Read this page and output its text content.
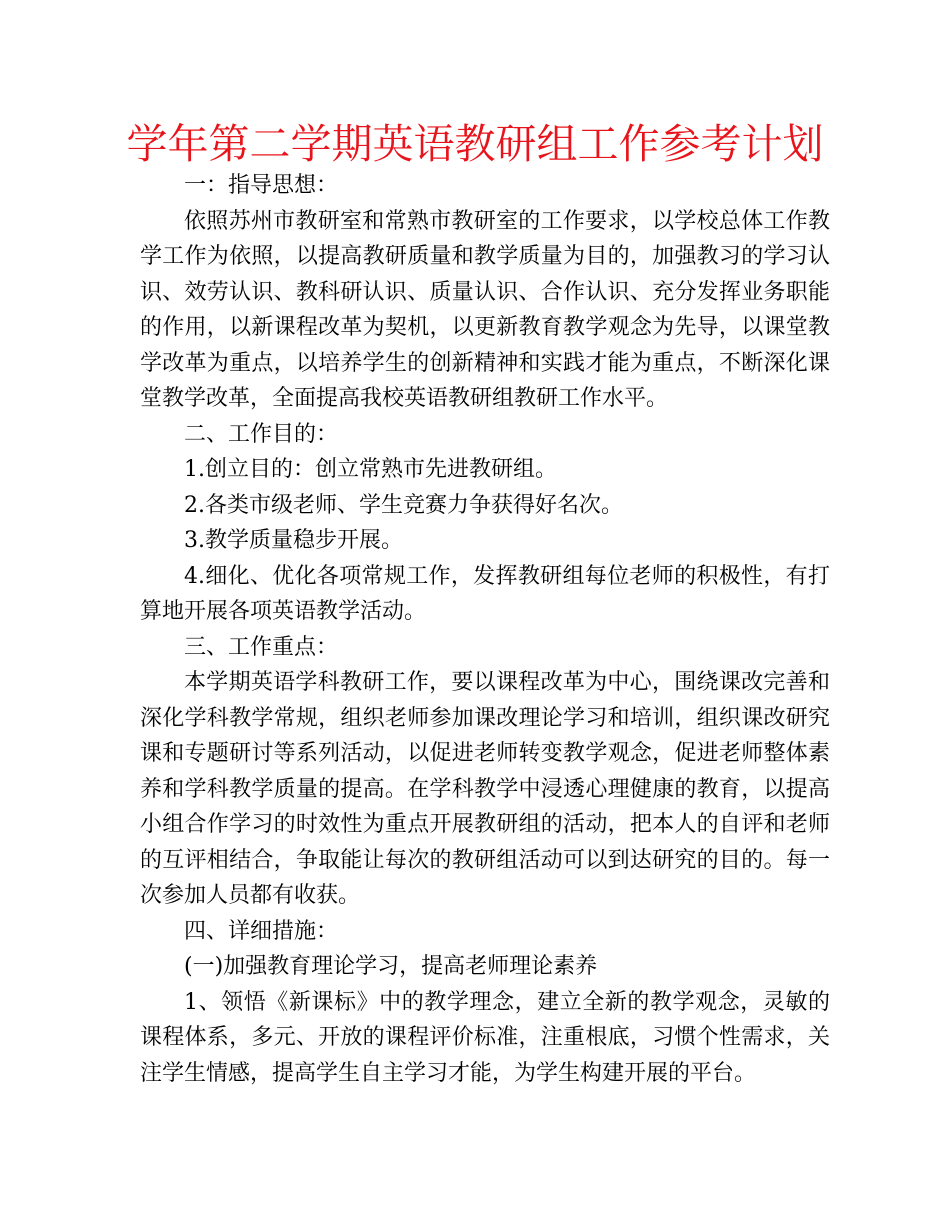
学年第二学期英语教研组工作参考计划

一：指导思想：

依照苏州市教研室和常熟市教研室的工作要求，以学校总体工作教学工作为依照，以提高教研质量和教学质量为目的，加强教习的学习认识、效劳认识、教科研认识、质量认识、合作认识、充分发挥业务职能的作用，以新课程改革为契机，以更新教育教学观念为先导，以课堂教学改革为重点，以培养学生的创新精神和实践才能为重点，不断深化课堂教学改革，全面提高我校英语教研组教研工作水平。

二、工作目的：

1.创立目的：创立常熟市先进教研组。

2.各类市级老师、学生竞赛力争获得好名次。

3.教学质量稳步开展。

4.细化、优化各项常规工作，发挥教研组每位老师的积极性，有打算地开展各项英语教学活动。

三、工作重点：

本学期英语学科教研工作，要以课程改革为中心，围绕课改完善和深化学科教学常规，组织老师参加课改理论学习和培训，组织课改研究课和专题研讨等系列活动，以促进老师转变教学观念，促进老师整体素养和学科教学质量的提高。在学科教学中浸透心理健康的教育，以提高小组合作学习的时效性为重点开展教研组的活动，把本人的自评和老师的互评相结合，争取能让每次的教研组活动可以到达研究的目的。每一次参加人员都有收获。

四、详细措施：

(一)加强教育理论学习，提高老师理论素养

1、领悟《新课标》中的教学理念，建立全新的教学观念，灵敏的课程体系，多元、开放的课程评价标准，注重根底，习惯个性需求，关注学生情感，提高学生自主学习才能，为学生构建开展的平台。
